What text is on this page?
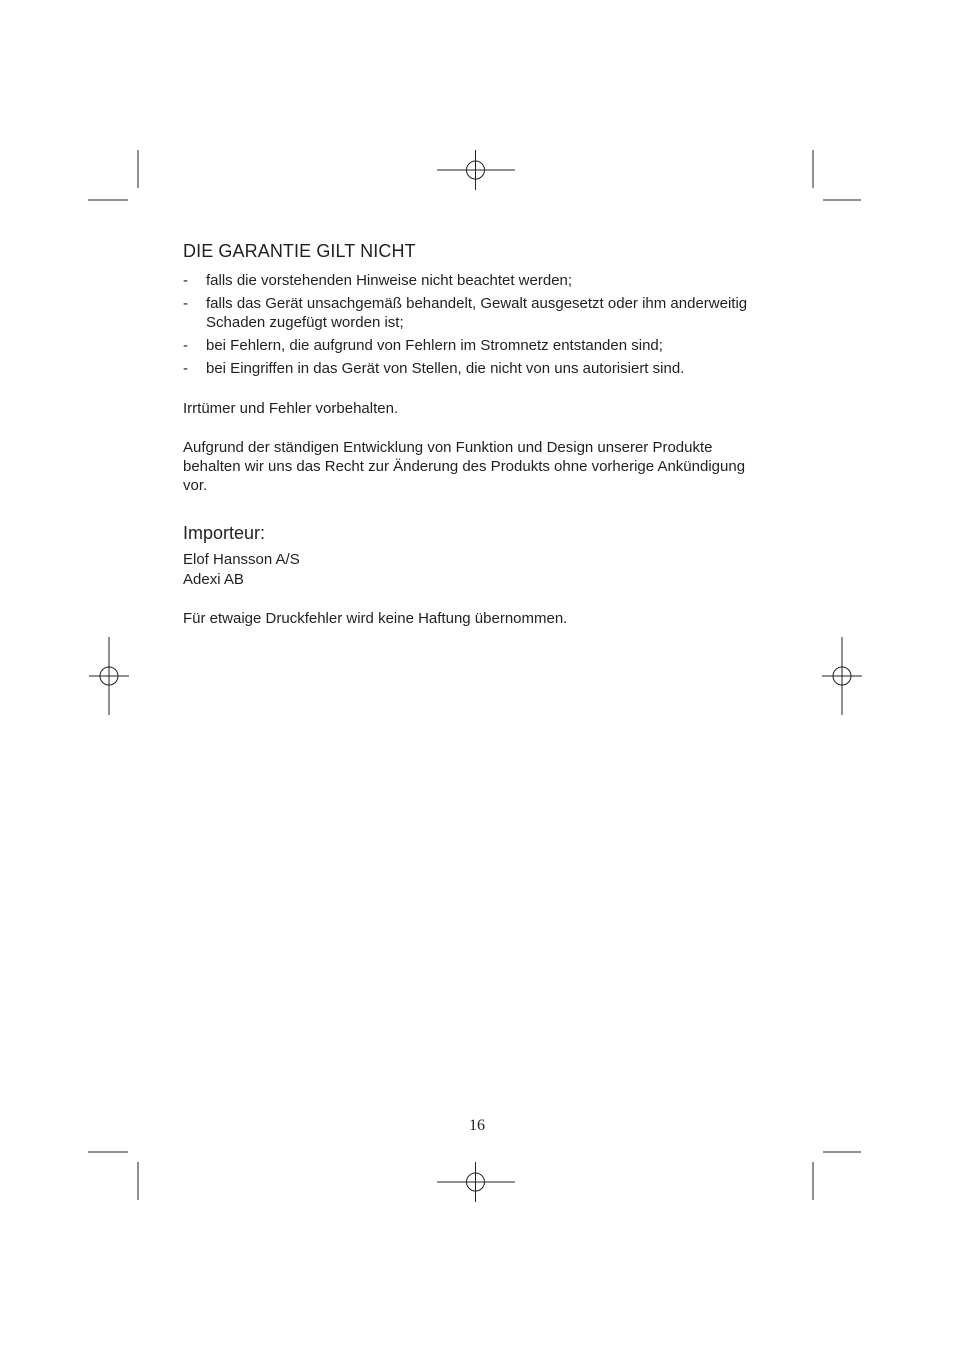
DIE GARANTIE GILT NICHT
- falls die vorstehenden Hinweise nicht beachtet werden;
- falls das Gerät unsachgemäß behandelt, Gewalt ausgesetzt oder ihm anderweitig Schaden zugefügt worden ist;
- bei Fehlern, die aufgrund von Fehlern im Stromnetz entstanden sind;
- bei Eingriffen in das Gerät von Stellen, die nicht von uns autorisiert sind.

Irrtümer und Fehler vorbehalten.

Aufgrund der ständigen Entwicklung von Funktion und Design unserer Produkte behalten wir uns das Recht zur Änderung des Produkts ohne vorherige Ankündigung vor.

Importeur:

Elof Hansson A/S

Adexi AB

Für etwaige Druckfehler wird keine Haftung übernommen.

16
